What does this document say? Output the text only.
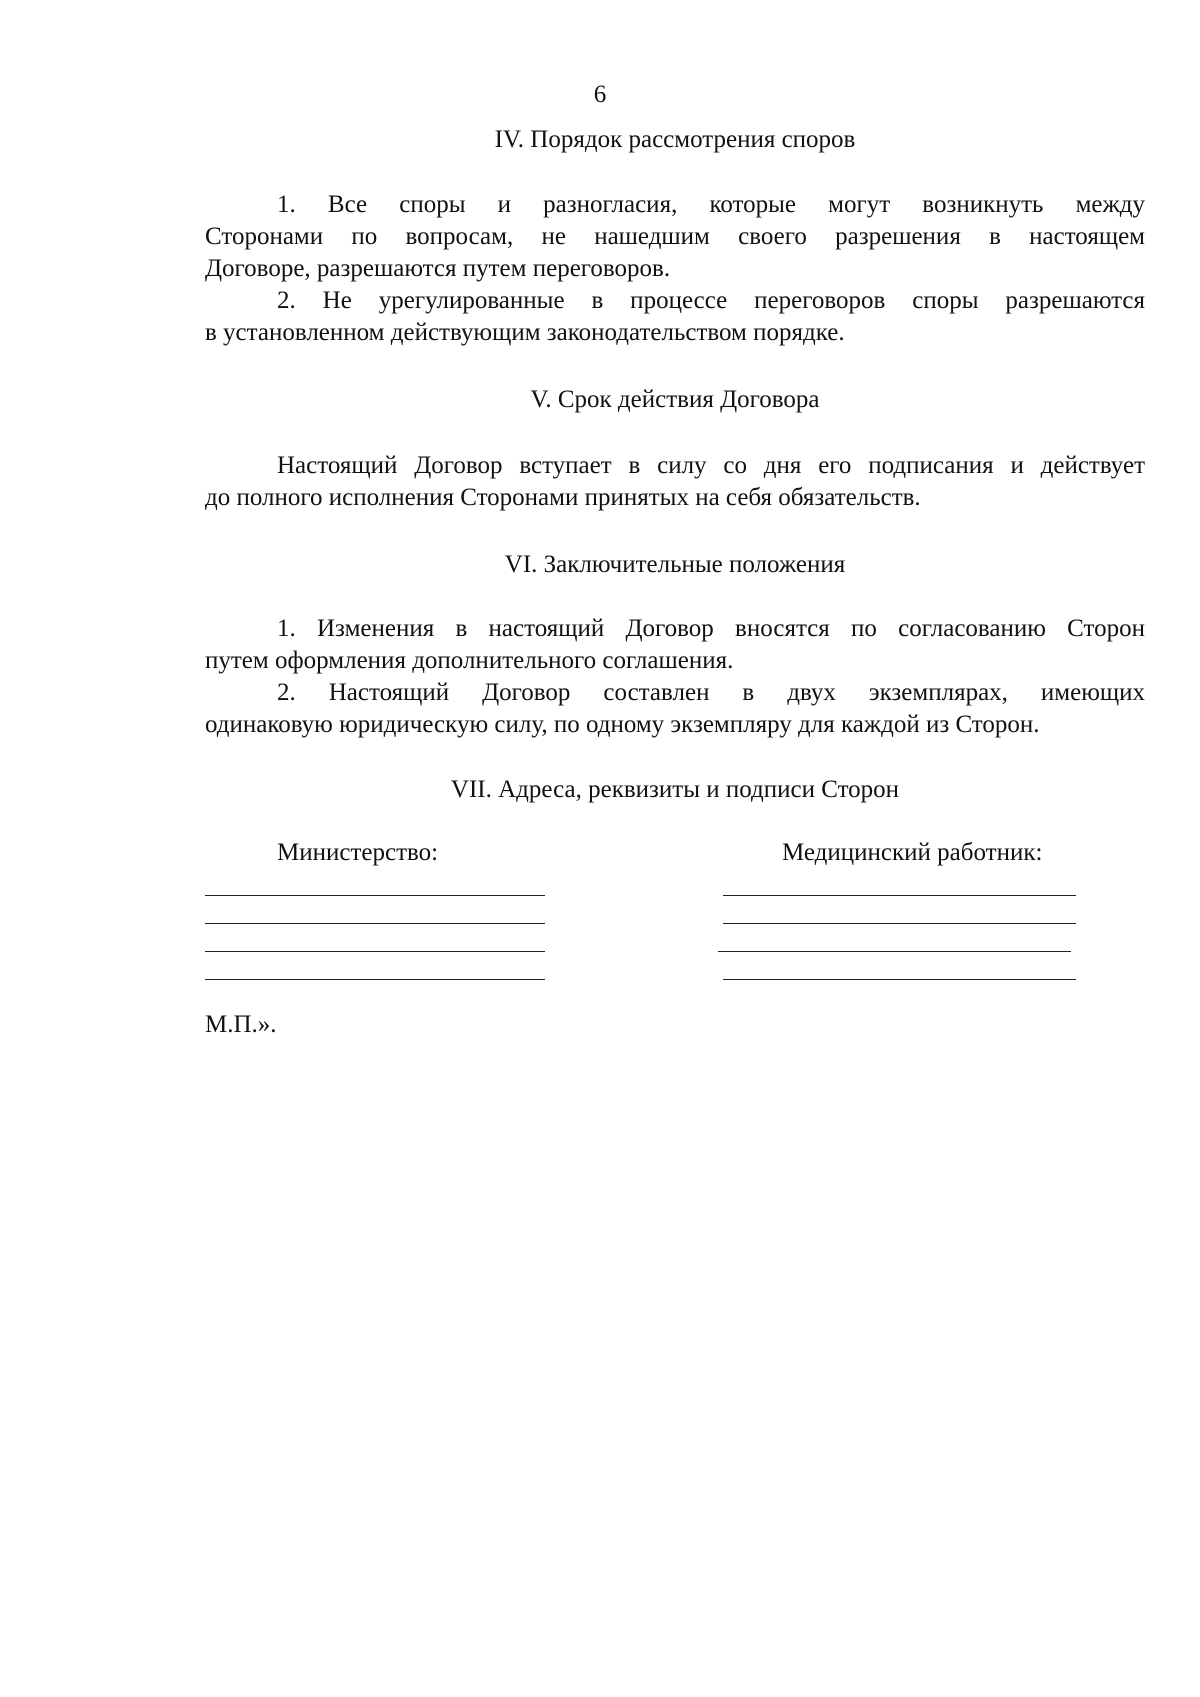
6
IV. Порядок рассмотрения споров
1. Все споры и разногласия, которые могут возникнуть между
Сторонами по вопросам, не нашедшим своего разрешения в настоящем
Договоре, разрешаются путем переговоров.
2. Не урегулированные в процессе переговоров споры разрешаются
в установленном действующим законодательством порядке.
V. Срок действия Договора
Настоящий Договор вступает в силу со дня его подписания и действует
до полного исполнения Сторонами принятых на себя обязательств.
VI. Заключительные положения
1. Изменения в настоящий Договор вносятся по согласованию Сторон
путем оформления дополнительного соглашения.
2. Настоящий Договор составлен в двух экземплярах, имеющих
одинаковую юридическую силу, по одному экземпляру для каждой из Сторон.
VII. Адреса, реквизиты и подписи Сторон
Министерство:	Медицинский работник:
М.П.».
